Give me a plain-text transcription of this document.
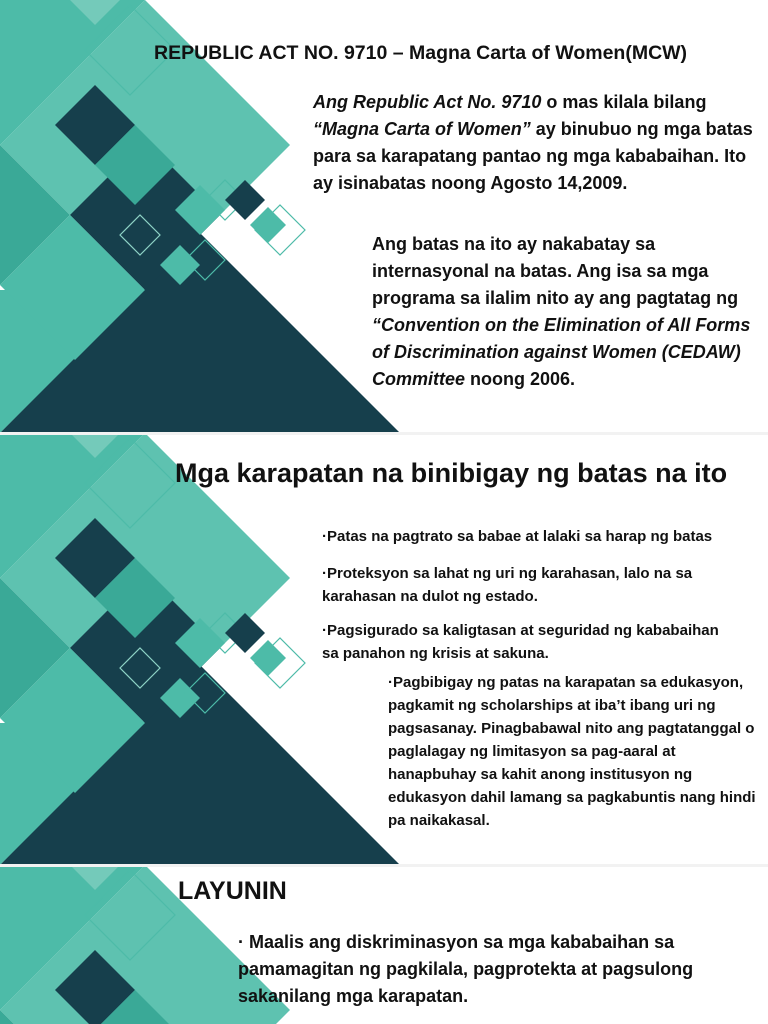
REPUBLIC ACT NO. 9710 – Magna Carta of Women(MCW)
Ang Republic Act No. 9710 o mas kilala bilang “Magna Carta of Women” ay binubuo ng mga batas para sa karapatang pantao ng mga kababaihan. Ito ay isinabatas noong Agosto 14,2009.
Ang batas na ito ay nakabatay sa internasyonal na batas. Ang isa sa mga programa sa ilalim nito ay ang pagtatag ng “Convention on the Elimination of All Forms of Discrimination against Women (CEDAW) Committee noong 2006.
Mga karapatan na binibigay ng batas na ito
·Patas na pagtrato sa babae at lalaki sa harap ng batas
·Proteksyon sa lahat ng uri ng karahasan, lalo na sa karahasan na dulot ng estado.
·Pagsigurado sa kaligtasan at seguridad ng kababaihan sa panahon ng krisis at sakuna.
·Pagbibigay ng patas na karapatan sa edukasyon, pagkamit ng scholarships at iba’t ibang uri ng pagsasanay. Pinagbabawal nito ang pagtatanggal o paglalagay ng limitasyon sa pag-aaral at hanapbuhay sa kahit anong institusyon ng edukasyon dahil lamang sa pagkabuntis nang hindi pa naikakasal.
LAYUNIN
· Maalis ang diskriminasyon sa mga kababaihan sa pamamagitan ng pagkilala, pagprotekta at pagsulong sakanilang mga karapatan.
